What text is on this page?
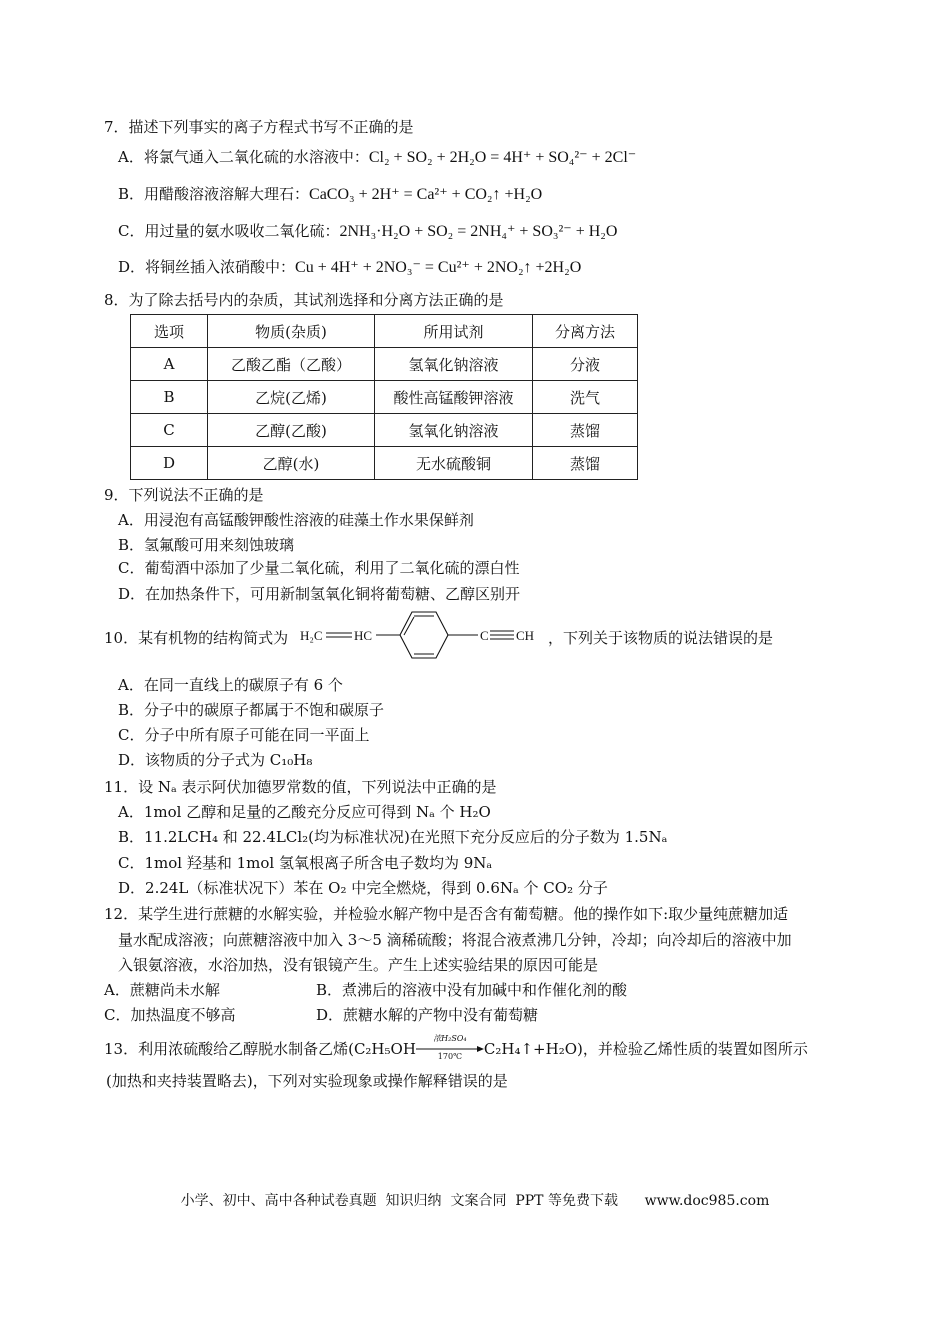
7．描述下列事实的离子方程式书写不正确的是
A．将氯气通入二氧化硫的水溶液中：Cl₂ + SO₂ + 2H₂O = 4H⁺ + SO₄²⁻ + 2Cl⁻
B．用醋酸溶液溶解大理石：CaCO₃ + 2H⁺ = Ca²⁺ + CO₂↑ +H₂O
C．用过量的氨水吸收二氧化硫：2NH₃·H₂O + SO₂ = 2NH₄⁺ + SO₃²⁻ + H₂O
D．将铜丝插入浓硝酸中：Cu + 4H⁺ + 2NO₃⁻ = Cu²⁺ + 2NO₂↑ +2H₂O
8．为了除去括号内的杂质，其试剂选择和分离方法正确的是
选项	物质(杂质)	所用试剂	分离方法
A	乙酸乙酯（乙酸）	氢氧化钠溶液	分液
B	乙烷(乙烯)	酸性高锰酸钾溶液	洗气
C	乙醇(乙酸)	氢氧化钠溶液	蒸馏
D	乙醇(水)	无水硫酸铜	蒸馏
9．下列说法不正确的是
A．用浸泡有高锰酸钾酸性溶液的硅藻土作水果保鲜剂
B．氢氟酸可用来刻蚀玻璃
C．葡萄酒中添加了少量二氧化硫，利用了二氧化硫的漂白性
D．在加热条件下，可用新制氢氧化铜将葡萄糖、乙醇区别开
10．某有机物的结构简式为 H₂C HC	C CH ，下列关于该物质的说法错误的是
A．在同一直线上的碳原子有 6 个
B．分子中的碳原子都属于不饱和碳原子
C．分子中所有原子可能在同一平面上
D．该物质的分子式为 C₁₀H₈
11．设 Nₐ 表示阿伏加德罗常数的值，下列说法中正确的是
A．1mol 乙醇和足量的乙酸充分反应可得到 Nₐ 个 H₂O
B．11.2LCH₄ 和 22.4LCl₂(均为标准状况)在光照下充分反应后的分子数为 1.5Nₐ
C．1mol 羟基和 1mol 氢氧根离子所含电子数均为 9Nₐ
D．2.24L（标准状况下）苯在 O₂ 中完全燃烧，得到 0.6Nₐ 个 CO₂ 分子
12．某学生进行蔗糖的水解实验，并检验水解产物中是否含有葡萄糖。他的操作如下:取少量纯蔗糖加适
量水配成溶液；向蔗糖溶液中加入 3～5 滴稀硫酸；将混合液煮沸几分钟，冷却；向冷却后的溶液中加
入银氨溶液，水浴加热，没有银镜产生。产生上述实验结果的原因可能是
A．蔗糖尚未水解	B．煮沸后的溶液中没有加碱中和作催化剂的酸
C．加热温度不够高	D．蔗糖水解的产物中没有葡萄糖
13．利用浓硫酸给乙醇脱水制备乙烯(C₂H₅OH
浓H₂SO₄
170℃	C₂H₄↑+H₂O)，并检验乙烯性质的装置如图所示
(加热和夹持装置略去)，下列对实验现象或操作解释错误的是
小学、初中、高中各种试卷真题  知识归纳  文案合同  PPT 等免费下载      www.doc985.com
